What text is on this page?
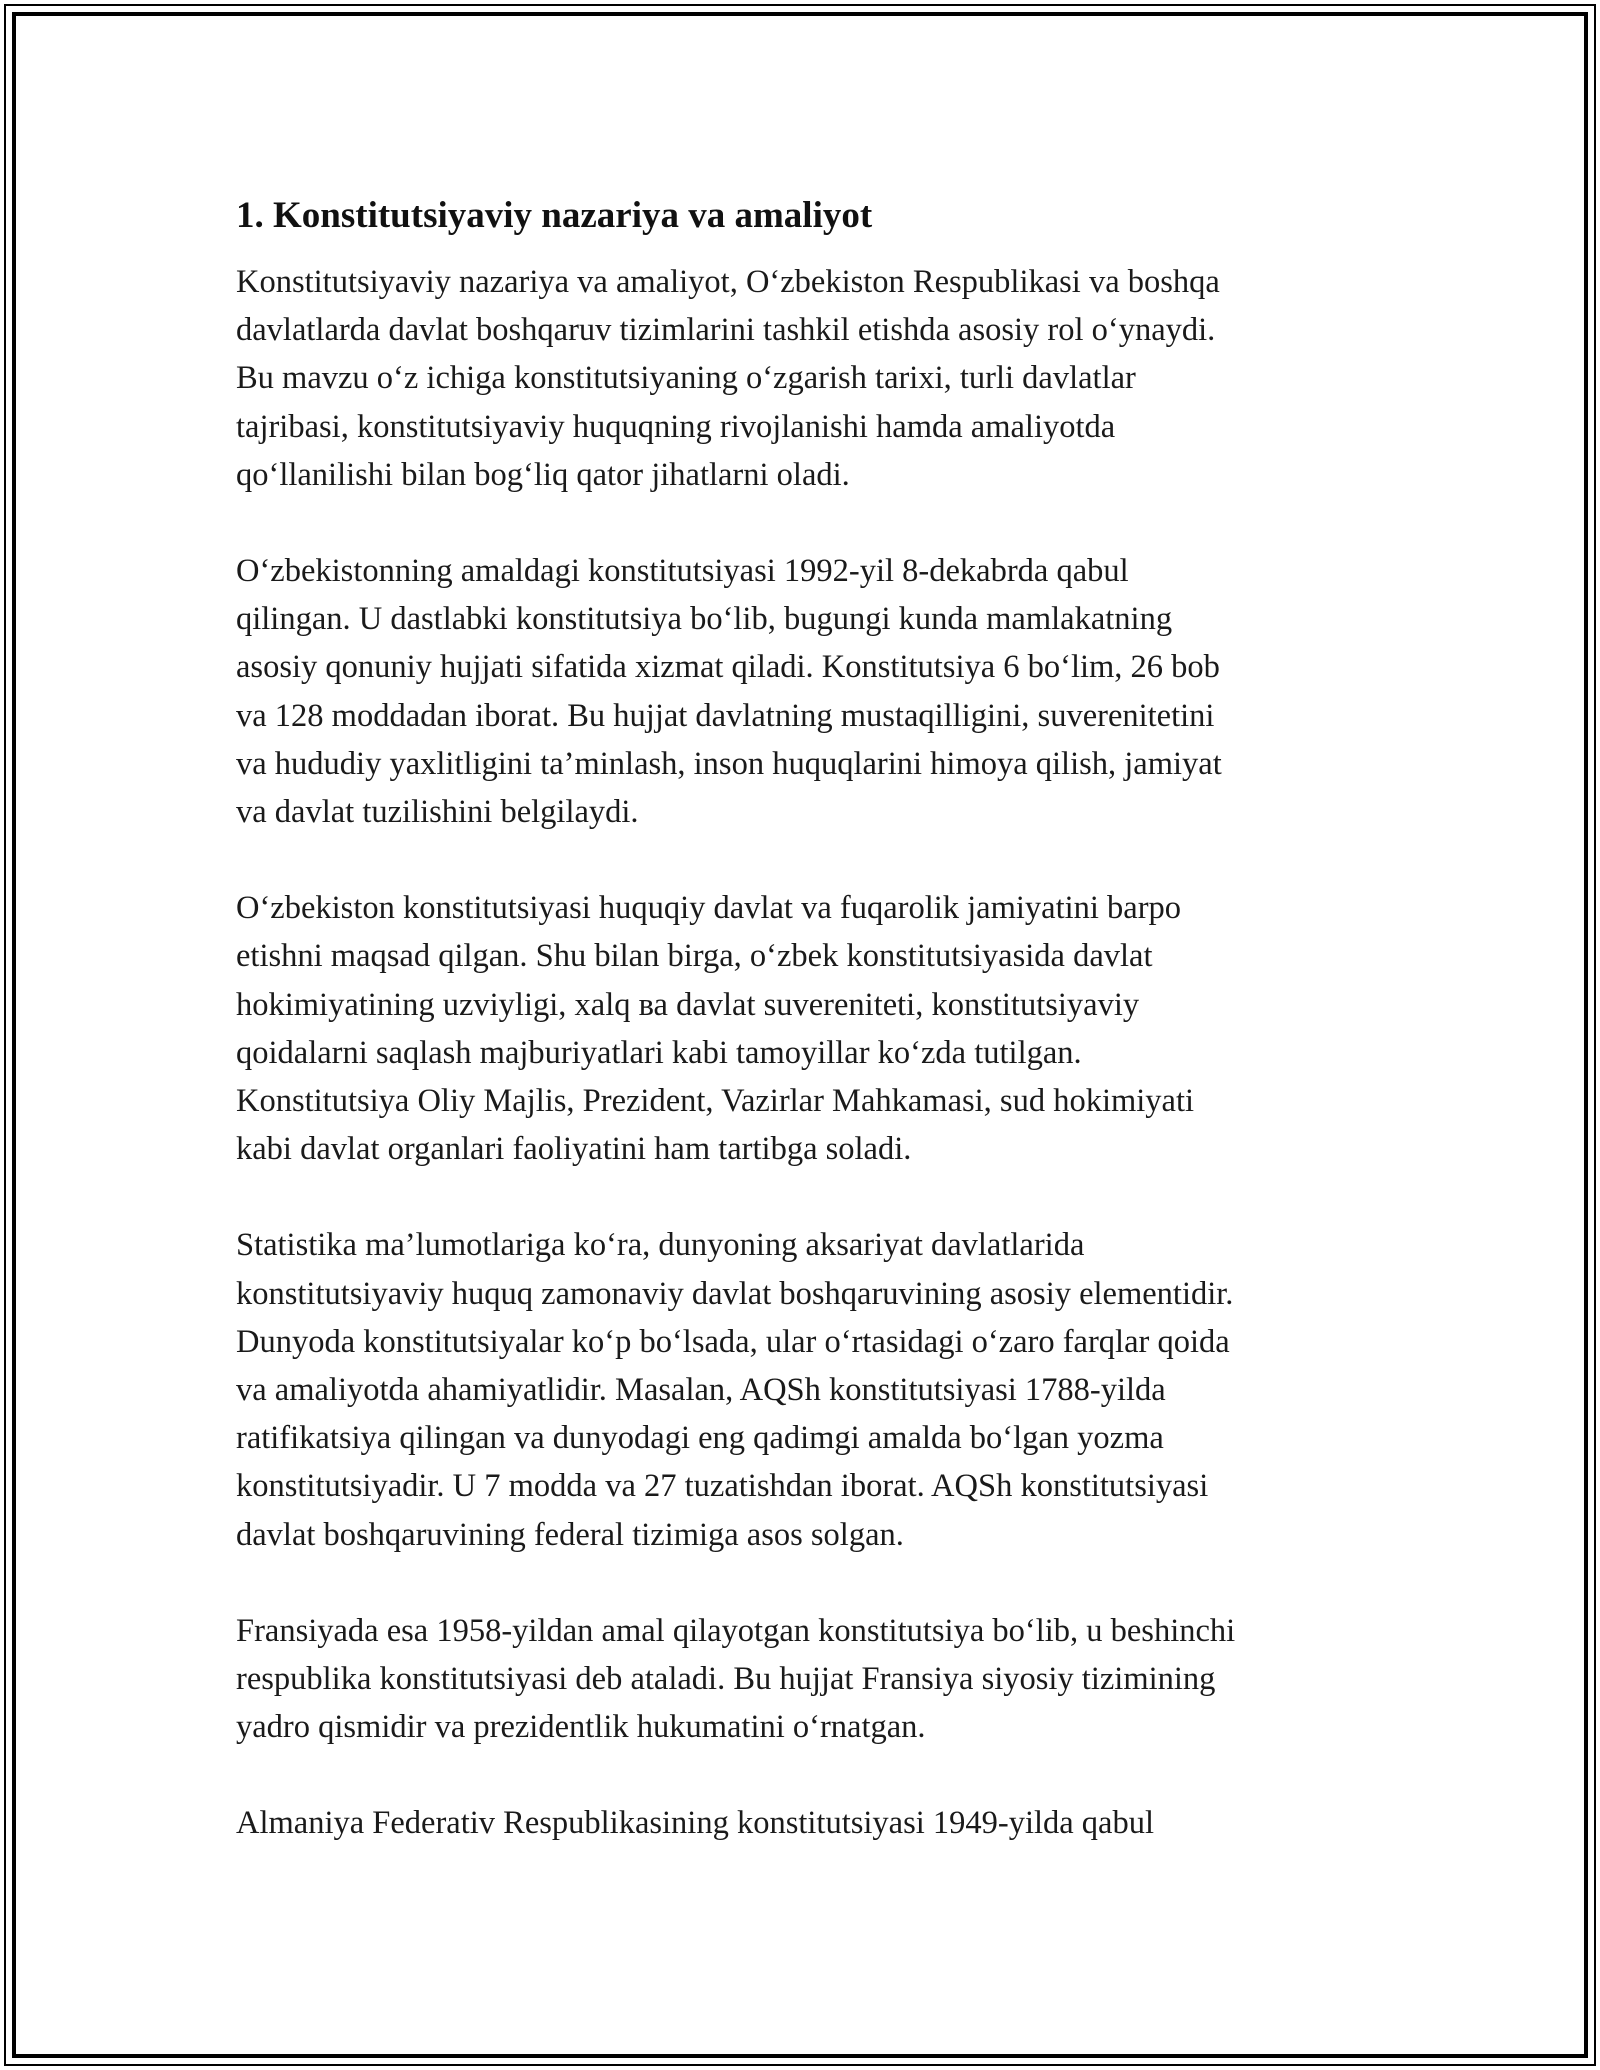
1. Konstitutsiyaviy nazariya va amaliyot

Konstitutsiyaviy nazariya va amaliyot, O‘zbekiston Respublikasi va boshqa
davlatlarda davlat boshqaruv tizimlarini tashkil etishda asosiy rol o‘ynaydi.
Bu mavzu o‘z ichiga konstitutsiyaning o‘zgarish tarixi, turli davlatlar
tajribasi, konstitutsiyaviy huquqning rivojlanishi hamda amaliyotda
qo‘llanilishi bilan bog‘liq qator jihatlarni oladi.

O‘zbekistonning amaldagi konstitutsiyasi 1992-yil 8-dekabrda qabul
qilingan. U dastlabki konstitutsiya bo‘lib, bugungi kunda mamlakatning
asosiy qonuniy hujjati sifatida xizmat qiladi. Konstitutsiya 6 bo‘lim, 26 bob
va 128 moddadan iborat. Bu hujjat davlatning mustaqilligini, suverenitetini
va hududiy yaxlitligini ta’minlash, inson huquqlarini himoya qilish, jamiyat
va davlat tuzilishini belgilaydi.

O‘zbekiston konstitutsiyasi huquqiy davlat va fuqarolik jamiyatini barpo
etishni maqsad qilgan. Shu bilan birga, o‘zbek konstitutsiyasida davlat
hokimiyatining uzviyligi, xalq ва davlat suvereniteti, konstitutsiyaviy
qoidalarni saqlash majburiyatlari kabi tamoyillar ko‘zda tutilgan.
Konstitutsiya Oliy Majlis, Prezident, Vazirlar Mahkamasi, sud hokimiyati
kabi davlat organlari faoliyatini ham tartibga soladi.

Statistika ma’lumotlariga ko‘ra, dunyoning aksariyat davlatlarida
konstitutsiyaviy huquq zamonaviy davlat boshqaruvining asosiy elementidir.
Dunyoda konstitutsiyalar ko‘p bo‘lsada, ular o‘rtasidagi o‘zaro farqlar qoida
va amaliyotda ahamiyatlidir. Masalan, AQSh konstitutsiyasi 1788-yilda
ratifikatsiya qilingan va dunyodagi eng qadimgi amalda bo‘lgan yozma
konstitutsiyadir. U 7 modda va 27 tuzatishdan iborat. AQSh konstitutsiyasi
davlat boshqaruvining federal tizimiga asos solgan.

Fransiyada esa 1958-yildan amal qilayotgan konstitutsiya bo‘lib, u beshinchi
respublika konstitutsiyasi deb ataladi. Bu hujjat Fransiya siyosiy tizimining
yadro qismidir va prezidentlik hukumatini o‘rnatgan.

Almaniya Federativ Respublikasining konstitutsiyasi 1949-yilda qabul
